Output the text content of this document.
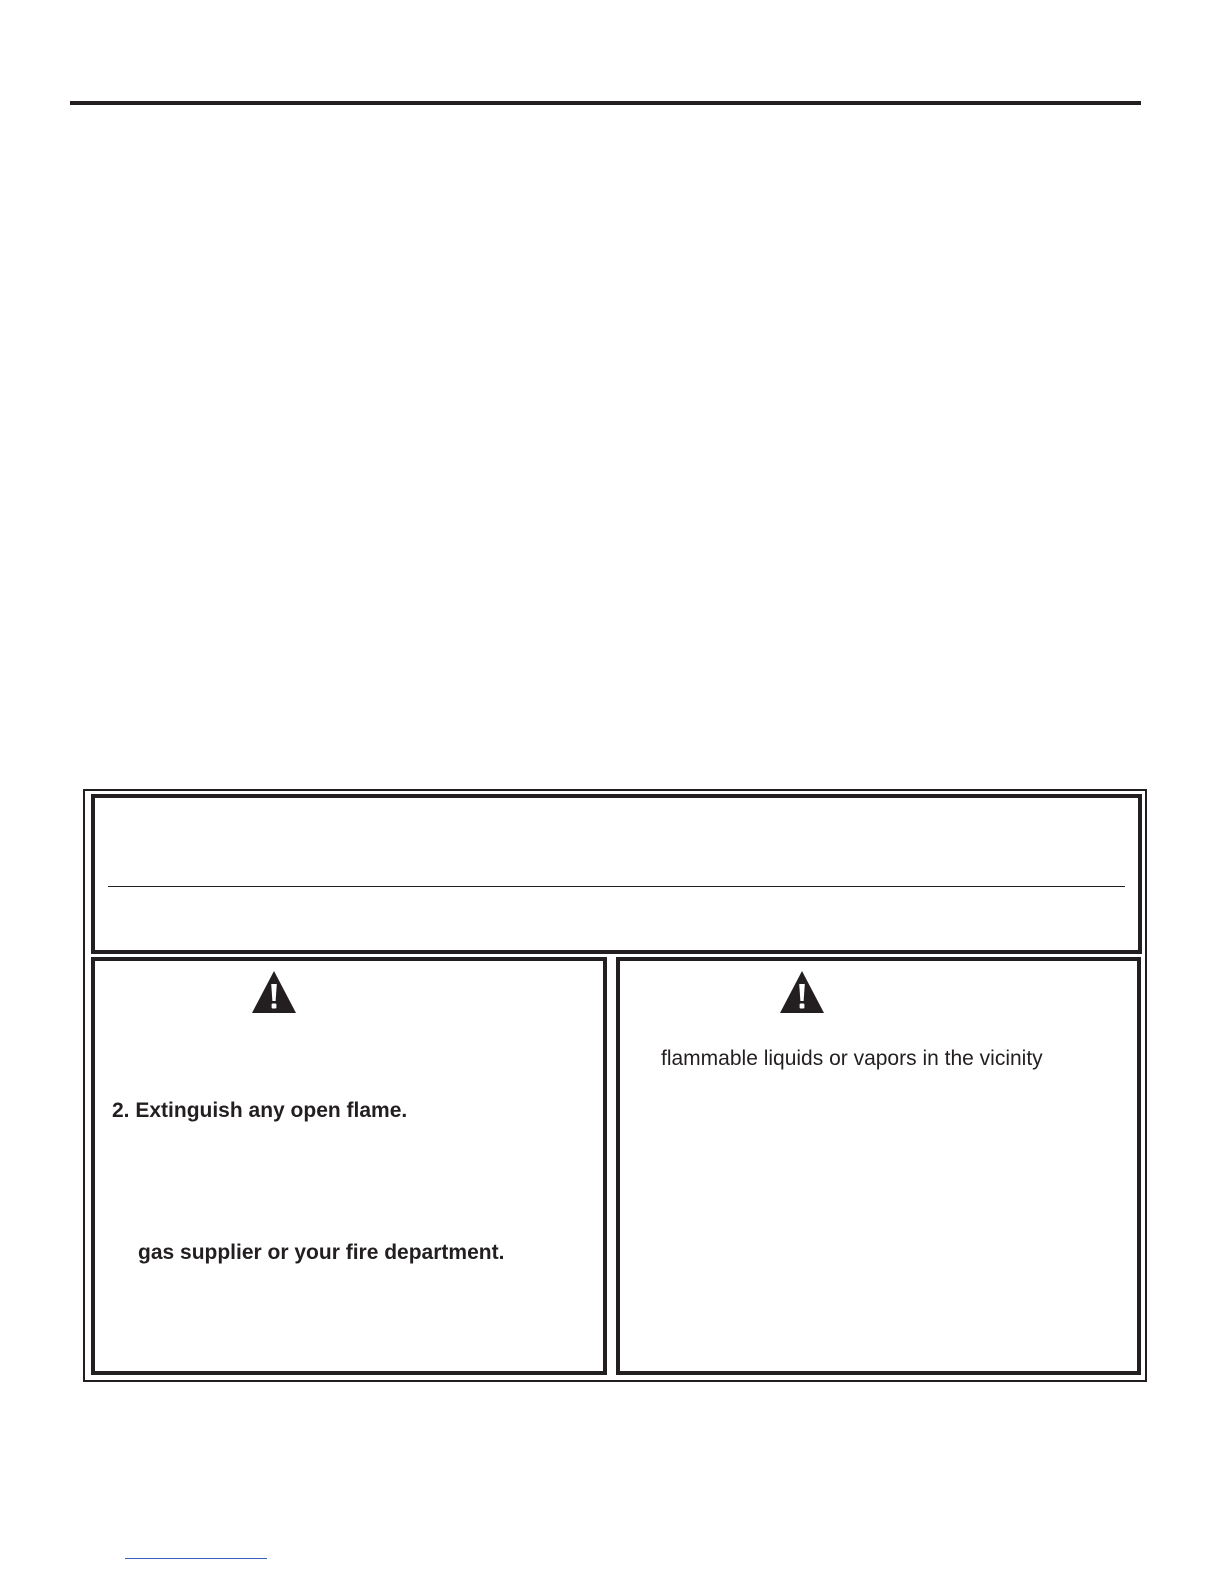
2. Extinguish any open flame.
gas supplier or your fire department.
flammable liquids or vapors in the vicinity
